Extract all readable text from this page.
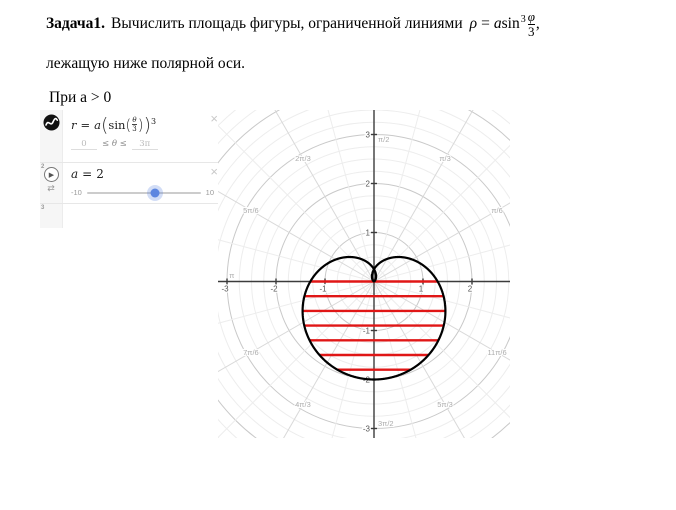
Задача1. Вычислить площадь фигуры, ограниченной линиями ρ = a $\sin^3 \frac{\varphi}{3}$ ,
лежащую ниже полярной оси.
При a > 0
r = a ( sin ( $\frac{\theta}{3}$ ) )$^3$
0	≤ θ ≤	3π
×
▶
⇄
a = 2
-10	10
×
2
3
-3	-2	-1	1	2
3
2
1
-1
-2
-3
π/6
π/3
π/2
2π/3
5π/6
π
7π/6
4π/3
3π/2
5π/3
11π/6
